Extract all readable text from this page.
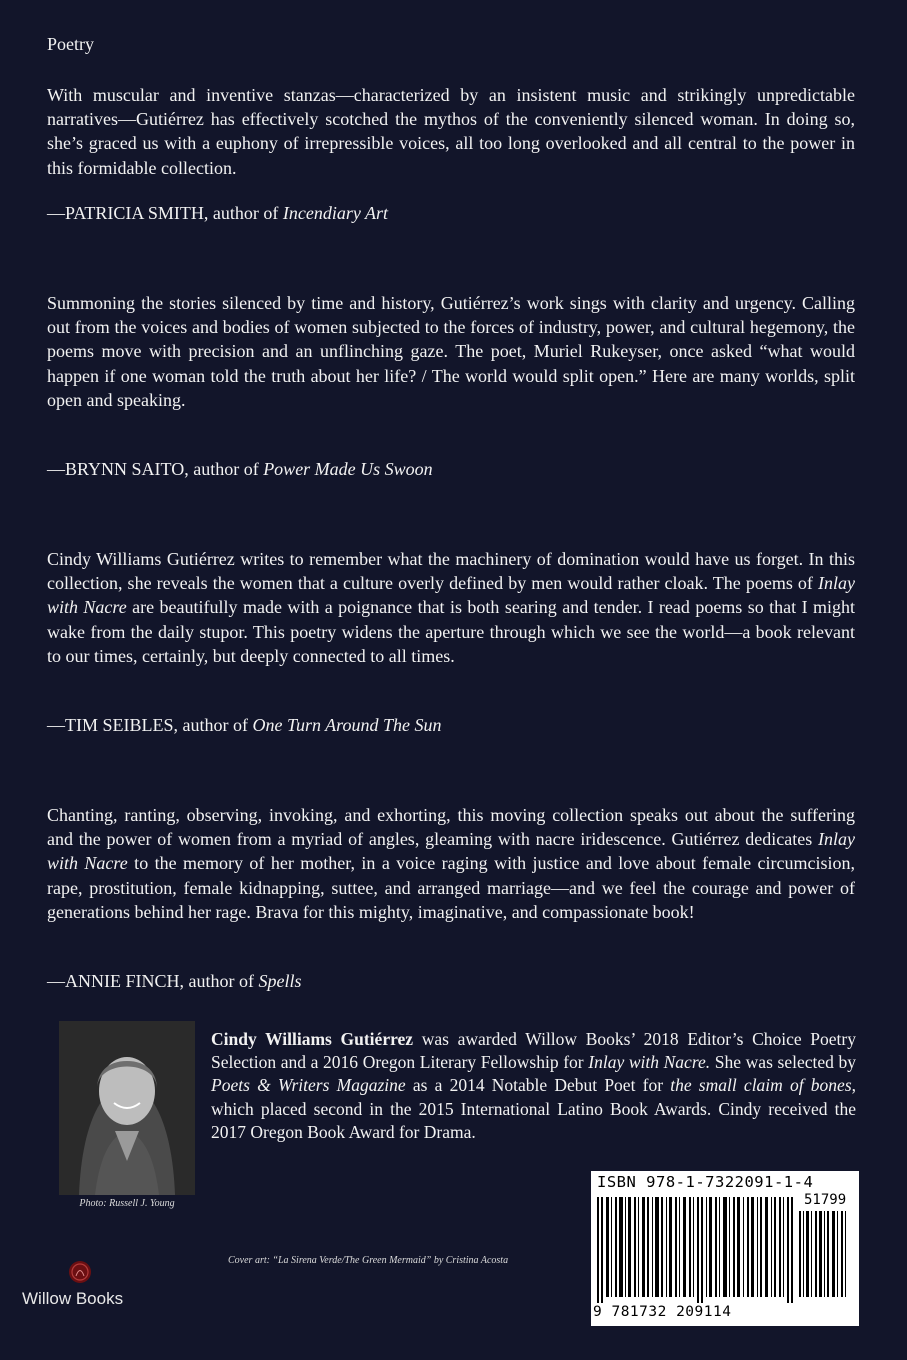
Poetry
With muscular and inventive stanzas—characterized by an insistent music and strikingly unpredictable narratives—Gutiérrez has effectively scotched the mythos of the conveniently silenced woman. In doing so, she’s graced us with a euphony of irrepressible voices, all too long overlooked and all central to the power in this formidable collection.
—PATRICIA SMITH, author of Incendiary Art
Summoning the stories silenced by time and history, Gutiérrez’s work sings with clarity and urgency. Calling out from the voices and bodies of women subjected to the forces of industry, power, and cultural hegemony, the poems move with precision and an unflinching gaze. The poet, Muriel Rukeyser, once asked “what would happen if one woman told the truth about her life? / The world would split open.” Here are many worlds, split open and speaking.
—BRYNN SAITO, author of Power Made Us Swoon
Cindy Williams Gutiérrez writes to remember what the machinery of domination would have us forget. In this collection, she reveals the women that a culture overly defined by men would rather cloak. The poems of Inlay with Nacre are beautifully made with a poignance that is both searing and tender. I read poems so that I might wake from the daily stupor. This poetry widens the aperture through which we see the world—a book relevant to our times, certainly, but deeply connected to all times.
—TIM SEIBLES, author of One Turn Around The Sun
Chanting, ranting, observing, invoking, and exhorting, this moving collection speaks out about the suffering and the power of women from a myriad of angles, gleaming with nacre iridescence. Gutiérrez dedicates Inlay with Nacre to the memory of her mother, in a voice raging with justice and love about female circumcision, rape, prostitution, female kidnapping, suttee, and arranged marriage—and we feel the courage and power of generations behind her rage. Brava for this mighty, imaginative, and compassionate book!
—ANNIE FINCH, author of Spells
Photo: Russell J. Young
Cindy Williams Gutiérrez was awarded Willow Books’ 2018 Editor’s Choice Poetry Selection and a 2016 Oregon Literary Fellowship for Inlay with Nacre. She was selected by Poets & Writers Magazine as a 2014 Notable Debut Poet for the small claim of bones, which placed second in the 2015 International Latino Book Awards. Cindy received the 2017 Oregon Book Award for Drama.
Cover art: “La Sirena Verde/The Green Mermaid” by Cristina Acosta
Willow Books
ISBN 978-1-7322091-1-4
51799
9 781732 209114
